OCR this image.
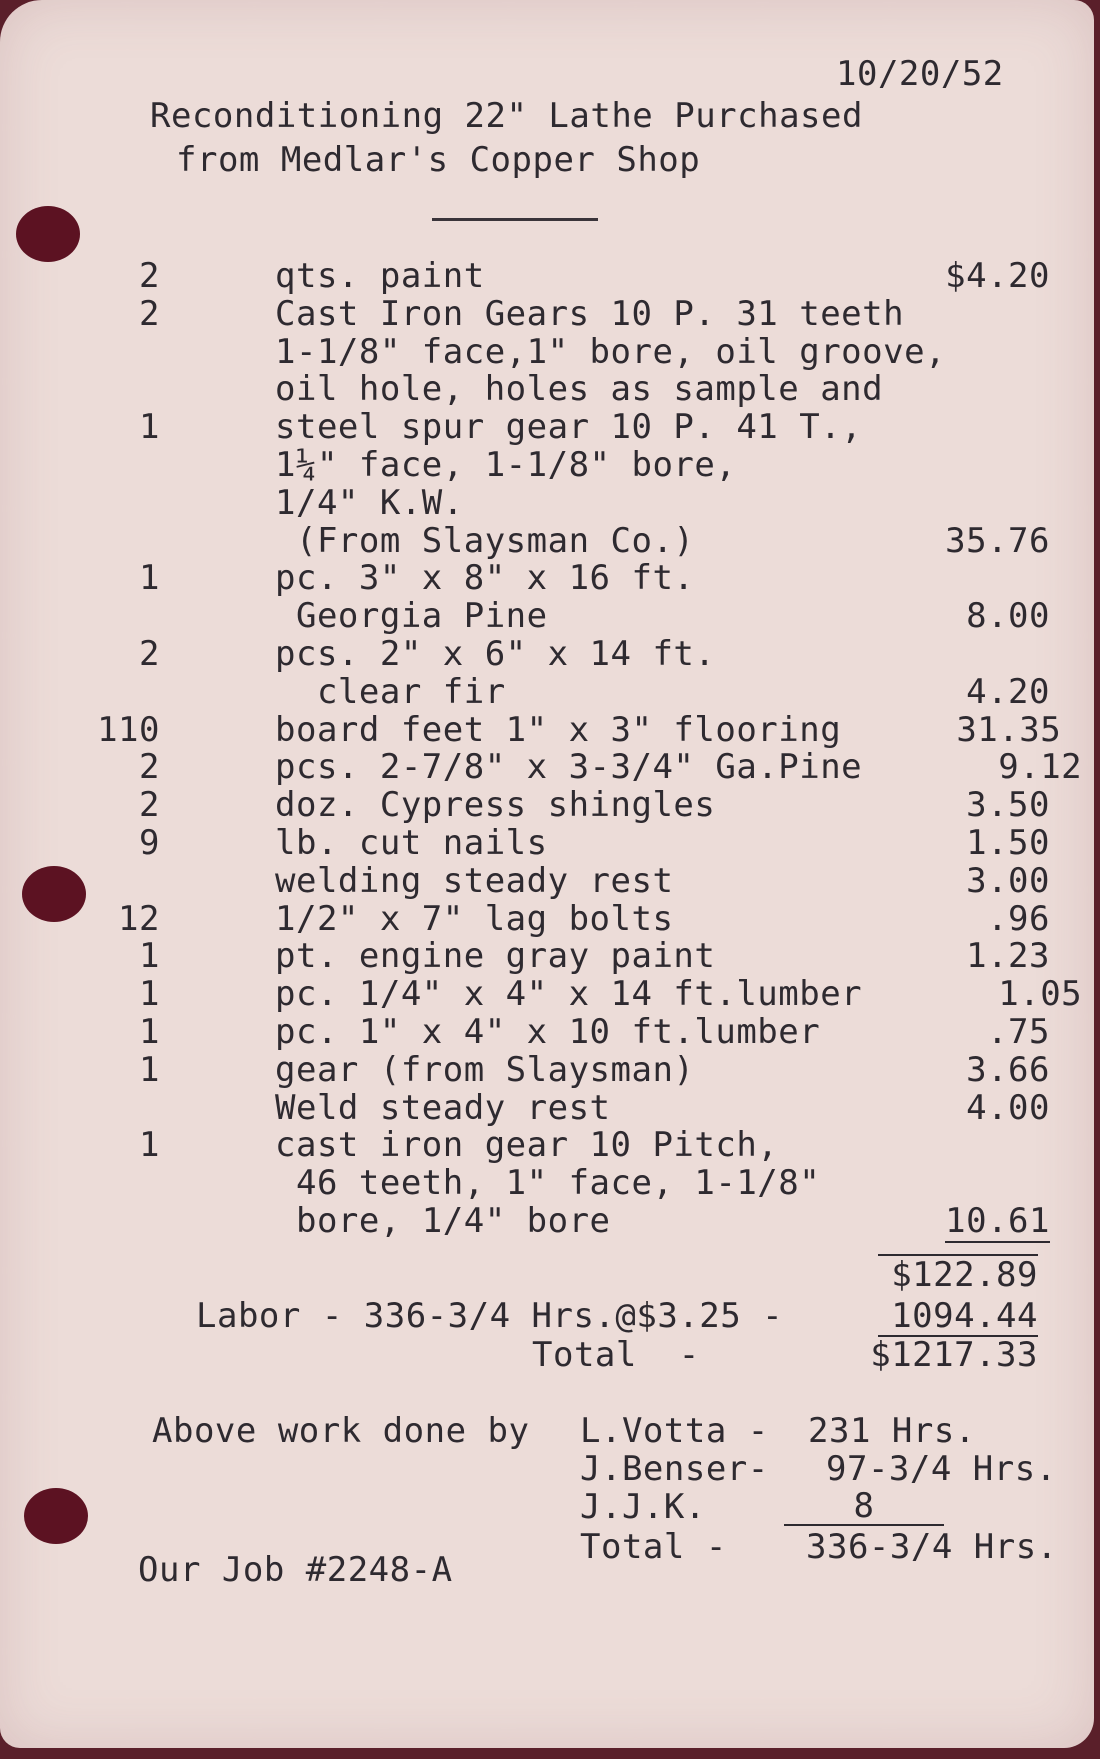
10/20/52
Reconditioning 22" Lathe Purchased
from Medlar's Copper Shop
2	qts. paint	$4.20
2	Cast Iron Gears 10 P. 31 teeth
1-1/8" face,1" bore, oil groove,
oil hole, holes as sample and
1	steel spur gear 10 P. 41 T.,
1¼" face, 1-1/8" bore,
1/4" K.W.
(From Slaysman Co.)	35.76
1	pc. 3" x 8" x 16 ft.
Georgia Pine	8.00
2	pcs. 2" x 6" x 14 ft.
clear fir	4.20
110	board feet 1" x 3" flooring	31.35
2	pcs. 2-7/8" x 3-3/4" Ga.Pine	9.12
2	doz. Cypress shingles	3.50
9	lb. cut nails	1.50
welding steady rest	3.00
12	1/2" x 7" lag bolts	.96
1	pt. engine gray paint	1.23
1	pc. 1/4" x 4" x 14 ft.lumber	1.05
1	pc. 1" x 4" x 10 ft.lumber	.75
1	gear (from Slaysman)	3.66
Weld steady rest	4.00
1	cast iron gear 10 Pitch,
46 teeth, 1" face, 1-1/8"
bore, 1/4" bore	10.61
$122.89
Labor - 336-3/4 Hrs.@$3.25 -	1094.44
Total  -	$1217.33
Above work done by L.Votta - 231 Hrs.
J.Benser- 97-3/4 Hrs.
J.J.K.	8
Total - 336-3/4 Hrs.
Our Job #2248-A
